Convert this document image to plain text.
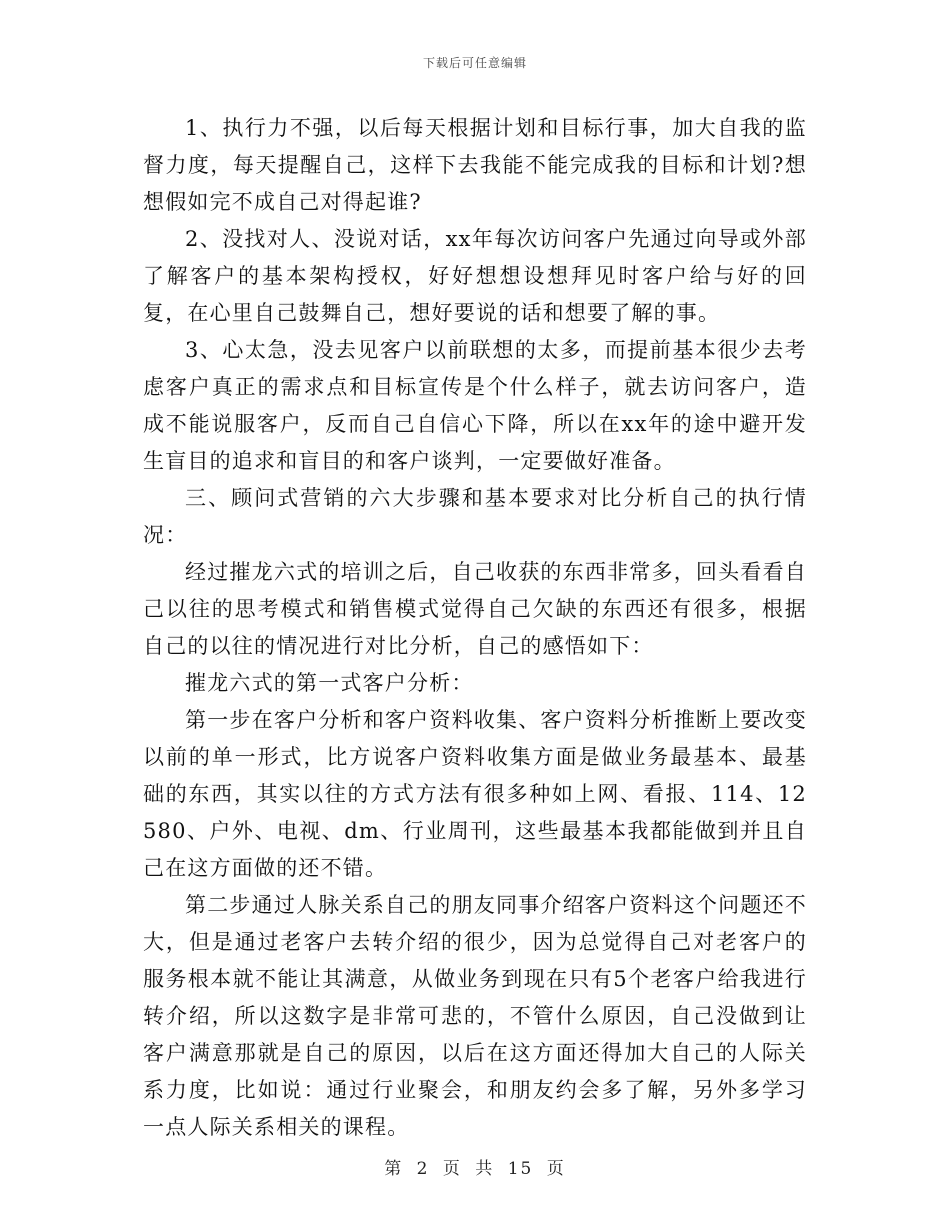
下载后可任意编辑

1、执行力不强，以后每天根据计划和目标行事，加大自我的监督力度，每天提醒自己，这样下去我能不能完成我的目标和计划?想想假如完不成自己对得起谁?

2、没找对人、没说对话，xx年每次访问客户先通过向导或外部了解客户的基本架构授权，好好想想设想拜见时客户给与好的回复，在心里自己鼓舞自己，想好要说的话和想要了解的事。

3、心太急，没去见客户以前联想的太多，而提前基本很少去考虑客户真正的需求点和目标宣传是个什么样子，就去访问客户，造成不能说服客户，反而自己自信心下降，所以在xx年的途中避开发生盲目的追求和盲目的和客户谈判，一定要做好准备。

三、顾问式营销的六大步骤和基本要求对比分析自己的执行情况：

经过摧龙六式的培训之后，自己收获的东西非常多，回头看看自己以往的思考模式和销售模式觉得自己欠缺的东西还有很多，根据自己的以往的情况进行对比分析，自己的感悟如下：

摧龙六式的第一式客户分析：

第一步在客户分析和客户资料收集、客户资料分析推断上要改变以前的单一形式，比方说客户资料收集方面是做业务最基本、最基础的东西，其实以往的方式方法有很多种如上网、看报、114、12580、户外、电视、dm、行业周刊，这些最基本我都能做到并且自己在这方面做的还不错。

第二步通过人脉关系自己的朋友同事介绍客户资料这个问题还不大，但是通过老客户去转介绍的很少，因为总觉得自己对老客户的服务根本就不能让其满意，从做业务到现在只有5个老客户给我进行转介绍，所以这数字是非常可悲的，不管什么原因，自己没做到让客户满意那就是自己的原因，以后在这方面还得加大自己的人际关系力度，比如说：通过行业聚会，和朋友约会多了解，另外多学习一点人际关系相关的课程。

第 2 页 共 15 页
